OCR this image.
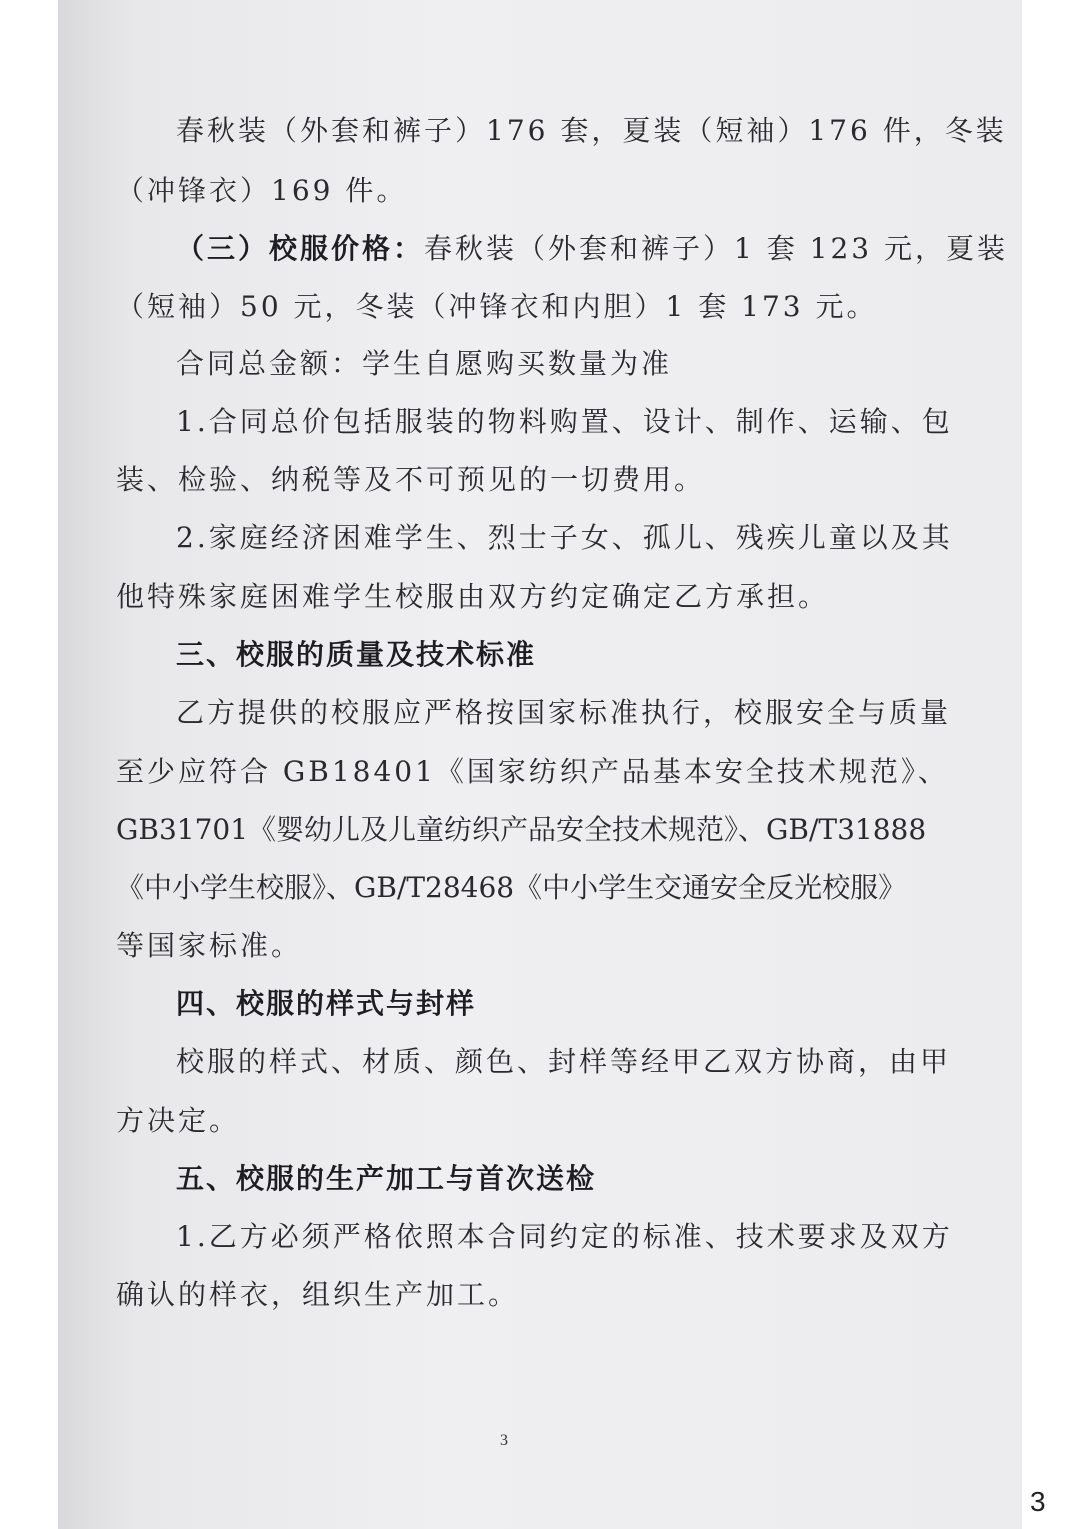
春秋装（外套和裤子）176 套，夏装（短袖）176 件，冬装
（冲锋衣）169 件。
（三）校服价格：春秋装（外套和裤子）1 套 123 元，夏装
（短袖）50 元，冬装（冲锋衣和内胆）1 套 173 元。
合同总金额：学生自愿购买数量为准
1.合同总价包括服装的物料购置、设计、制作、运输、包
装、检验、纳税等及不可预见的一切费用。
2.家庭经济困难学生、烈士子女、孤儿、残疾儿童以及其
他特殊家庭困难学生校服由双方约定确定乙方承担。
三、校服的质量及技术标准
乙方提供的校服应严格按国家标准执行，校服安全与质量
至少应符合 GB18401《国家纺织产品基本安全技术规范》、
GB31701《婴幼儿及儿童纺织产品安全技术规范》、GB/T31888
《中小学生校服》、GB/T28468《中小学生交通安全反光校服》
等国家标准。
四、校服的样式与封样
校服的样式、材质、颜色、封样等经甲乙双方协商，由甲
方决定。
五、校服的生产加工与首次送检
1.乙方必须严格依照本合同约定的标准、技术要求及双方
确认的样衣，组织生产加工。
3
3
